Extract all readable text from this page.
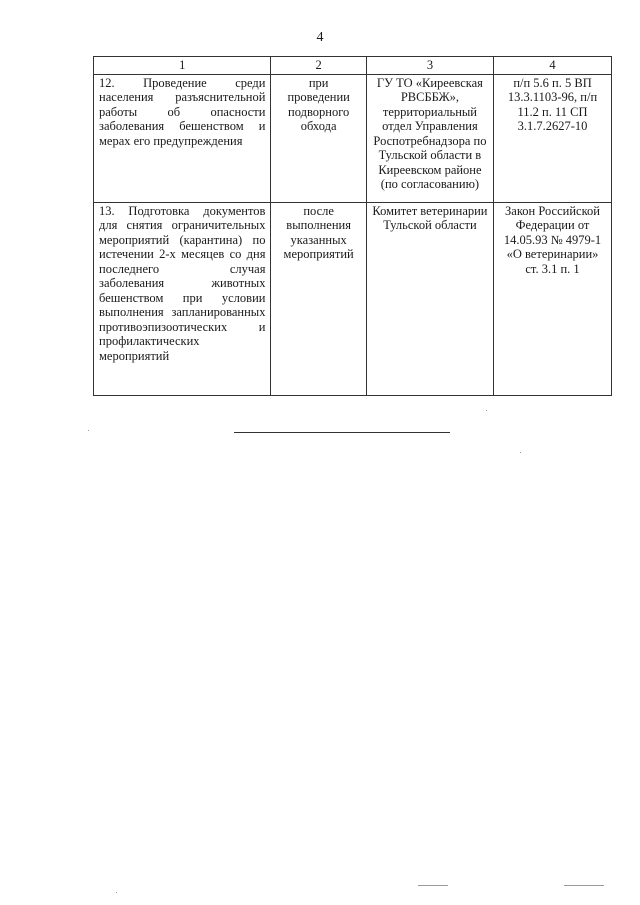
4
1	2	3	4
12. Проведение среди населения разъяснительной работы об опасности заболевания бешенством и мерах его предупреждения	при проведении подворного обхода	ГУ ТО «Киреевская РВСББЖ», территориальный отдел Управления Роспотребнадзора по Тульской области в Киреевском районе (по согласованию)	п/п 5.6 п. 5 ВП 13.3.1103-96, п/п 11.2 п. 11 СП 3.1.7.2627-10
13. Подготовка документов для снятия ограничительных мероприятий (карантина) по истечении 2-х месяцев со дня последнего случая заболевания животных бешенством при условии выполнения запланированных противоэпизоотических и профилактических мероприятий	после выполнения указанных мероприятий	Комитет ветеринарии Тульской области	Закон Российской Федерации от 14.05.93 № 4979-1 «О ветеринарии» ст. 3.1 п. 1
